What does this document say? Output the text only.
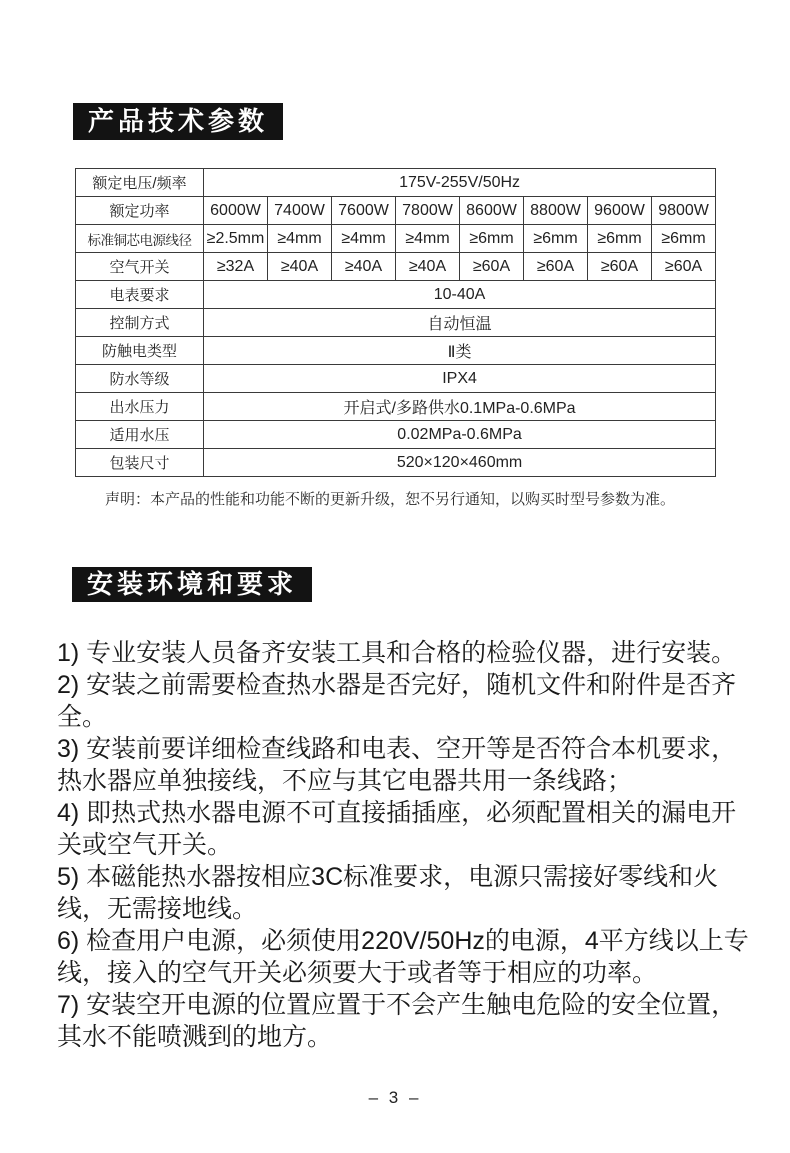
产品技术参数
额定电压/频率	175V-255V/50Hz							
额定功率	6000W	7400W	7600W	7800W	8600W	8800W	9600W	9800W
标准铜芯电源线径	≥2.5mm	≥4mm	≥4mm	≥4mm	≥6mm	≥6mm	≥6mm	≥6mm
空气开关	≥32A	≥40A	≥40A	≥40A	≥60A	≥60A	≥60A	≥60A
电表要求	10-40A							
控制方式	自动恒温							
防触电类型	Ⅱ类							
防水等级	IPX4							
出水压力	开启式/多路供水0.1MPa-0.6MPa							
适用水压	0.02MPa-0.6MPa							
包装尺寸	520×120×460mm							
声明：本产品的性能和功能不断的更新升级，恕不另行通知，以购买时型号参数为准。
安装环境和要求

1) 专业安装人员备齐安装工具和合格的检验仪器，进行安装。

2) 安装之前需要检查热水器是否完好，随机文件和附件是否齐全。

3) 安装前要详细检查线路和电表、空开等是否符合本机要求，热水器应单独接线，不应与其它电器共用一条线路；

4) 即热式热水器电源不可直接插插座，必须配置相关的漏电开关或空气开关。

5) 本磁能热水器按相应3C标准要求，电源只需接好零线和火线，无需接地线。

6) 检查用户电源，必须使用220V/50Hz的电源，4平方线以上专线，接入的空气开关必须要大于或者等于相应的功率。

7) 安装空开电源的位置应置于不会产生触电危险的安全位置，其水不能喷溅到的地方。

– 3 –
